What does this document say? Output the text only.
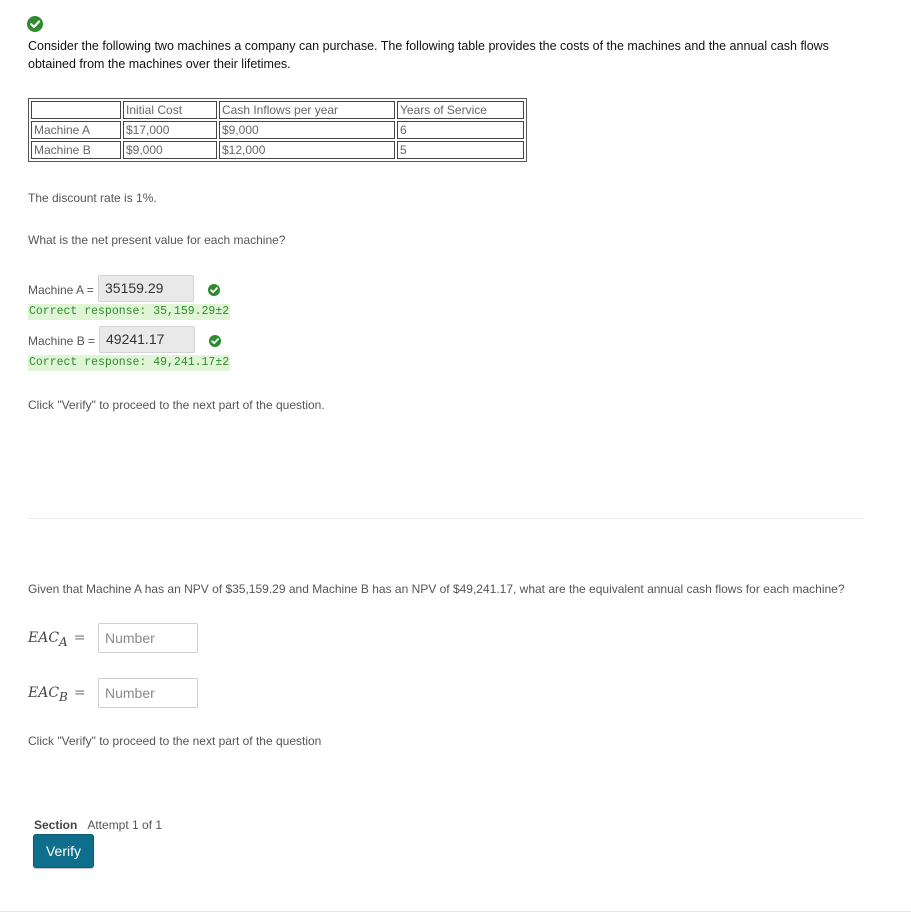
Consider the following two machines a company can purchase. The following table provides the costs of the machines and the annual cash flows obtained from the machines over their lifetimes.
	Initial Cost	Cash Inflows per year	Years of Service
Machine A	$17,000	$9,000	6
Machine B	$9,000	$12,000	5
The discount rate is 1%.
What is the net present value for each machine?
Machine A = 35159.29
Correct response: 35,159.29±2
Machine B = 49241.17
Correct response: 49,241.17±2
Click "Verify" to proceed to the next part of the question.
Given that Machine A has an NPV of $35,159.29 and Machine B has an NPV of $49,241.17, what are the equivalent annual cash flows for each machine?
$EAC_A$ =
Number
$EAC_B$ =
Number
Click "Verify" to proceed to the next part of the question
Section Attempt 1 of 1
Verify
